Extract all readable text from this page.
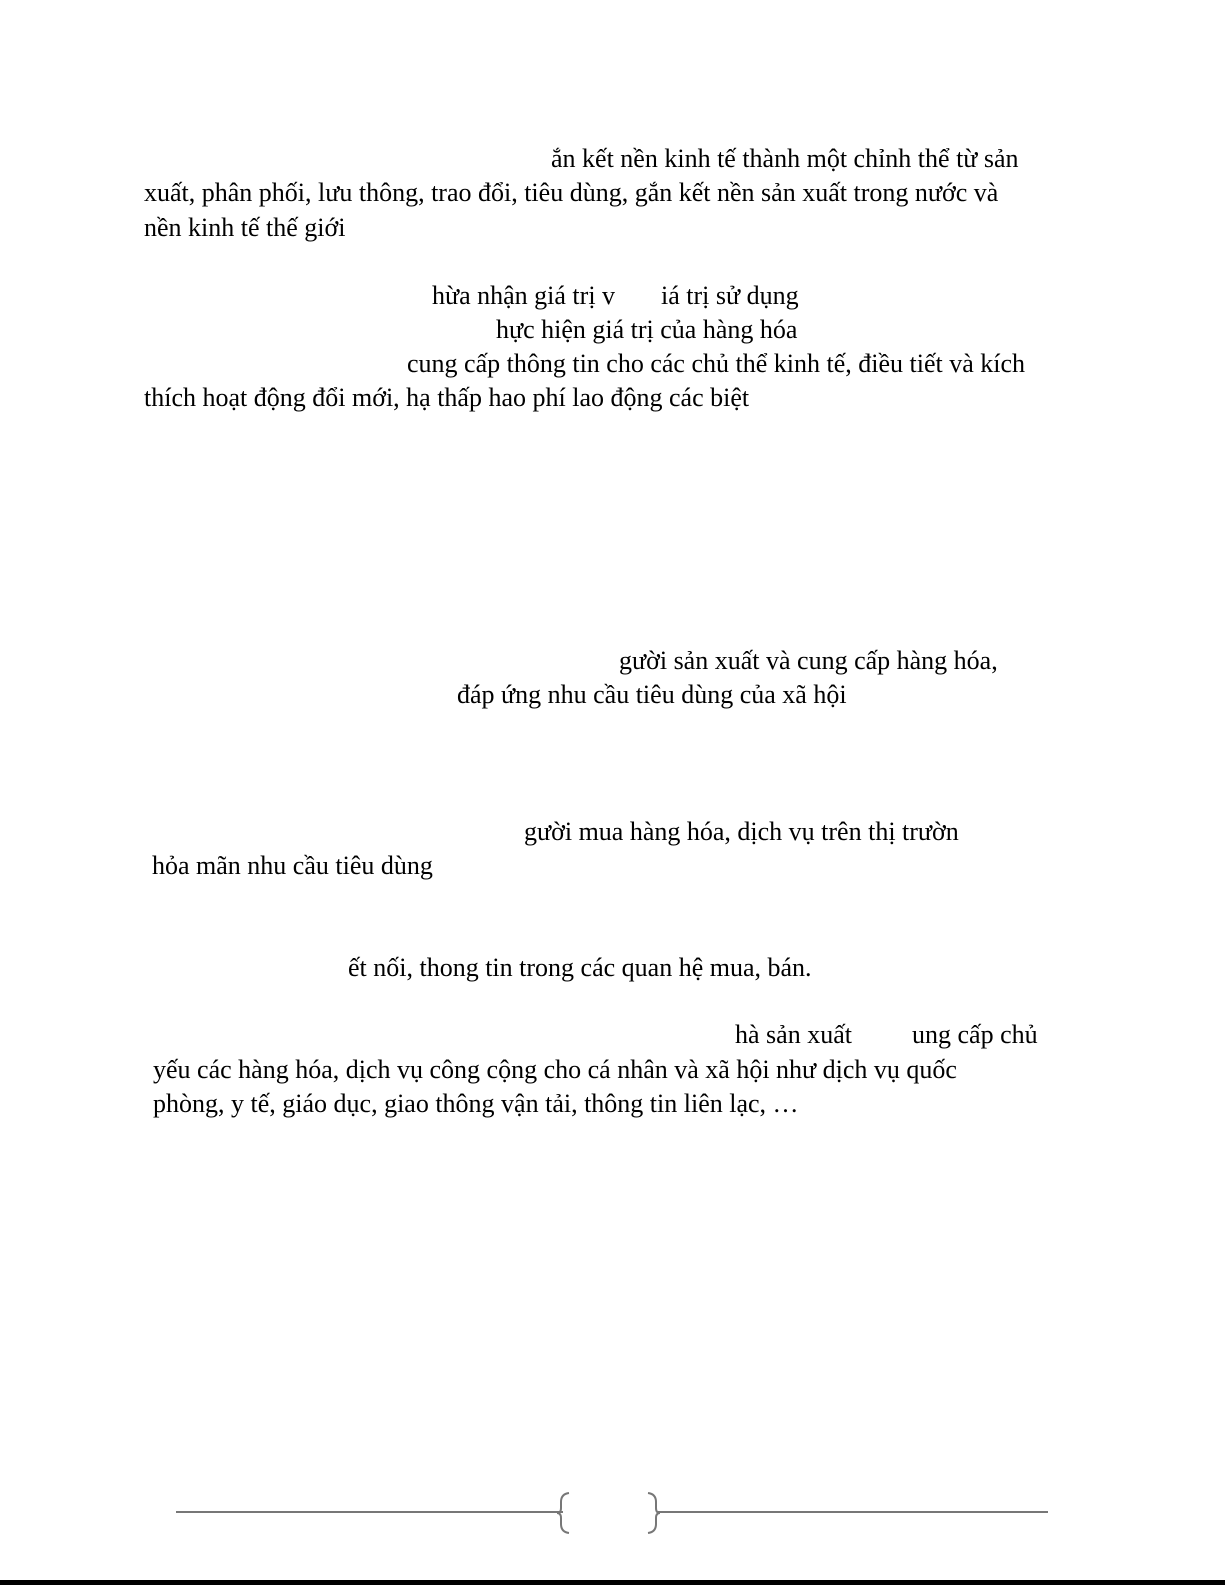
ắn kết nền kinh tế thành một chỉnh thể từ sản

xuất, phân phối, lưu thông, trao đổi, tiêu dùng, gắn kết nền sản xuất trong nước và

nền kinh tế thế giới

hừa nhận giá trị v iá trị sử dụng

hực hiện giá trị của hàng hóa

cung cấp thông tin cho các chủ thể kinh tế, điều tiết và kích

thích hoạt động đổi mới, hạ thấp hao phí lao động các biệt

gười sản xuất và cung cấp hàng hóa,

đáp ứng nhu cầu tiêu dùng của xã hội

gười mua hàng hóa, dịch vụ trên thị trườn

hỏa mãn nhu cầu tiêu dùng

ết nối, thong tin trong các quan hệ mua, bán.

hà sản xuất ung cấp chủ

yếu các hàng hóa, dịch vụ công cộng cho cá nhân và xã hội như dịch vụ quốc

phòng, y tế, giáo dục, giao thông vận tải, thông tin liên lạc, …
